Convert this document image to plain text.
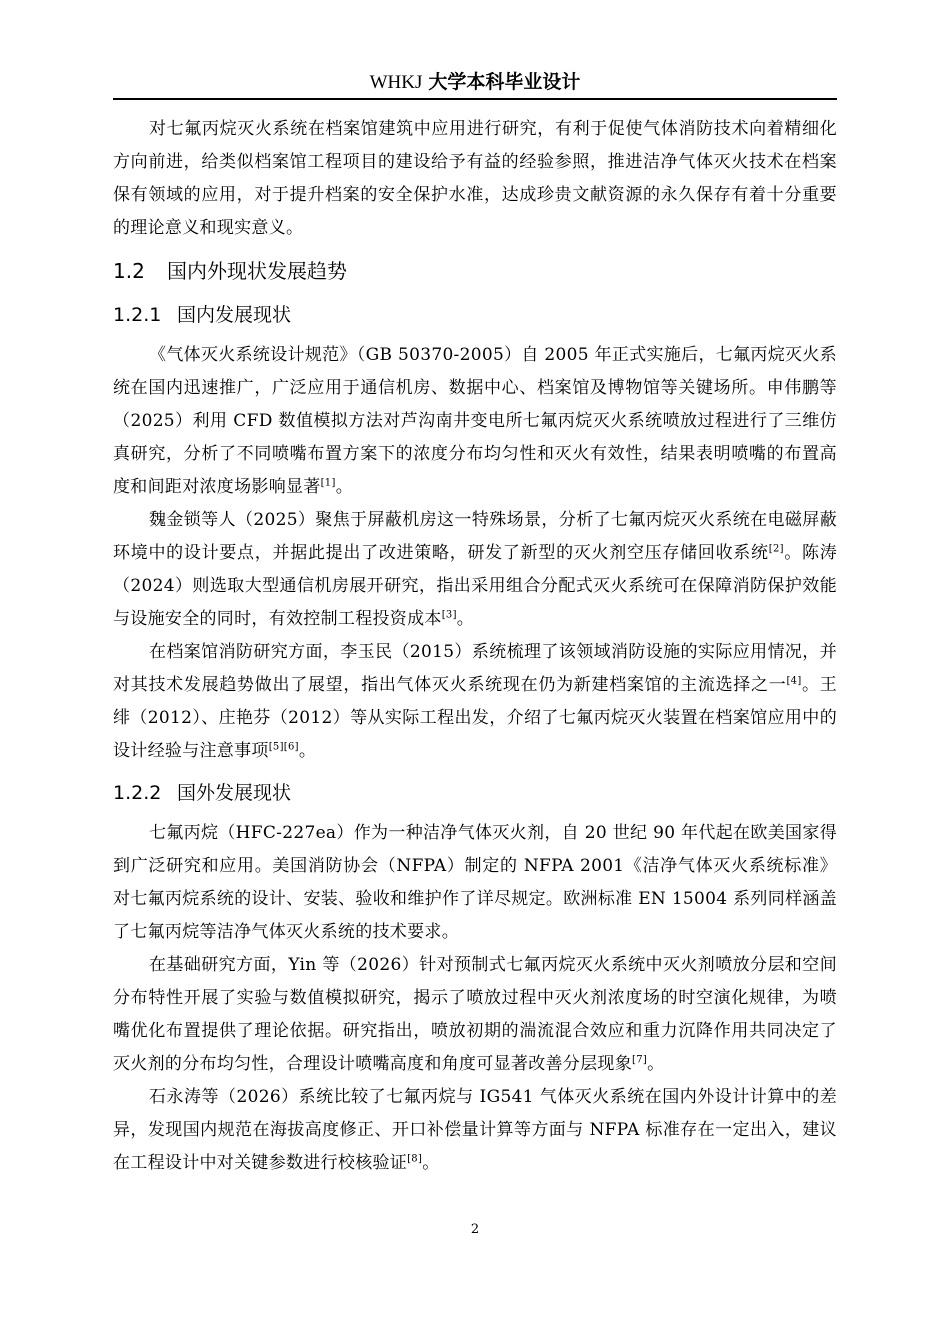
WHKJ 大学本科毕业设计

对七氟丙烷灭火系统在档案馆建筑中应用进行研究，有利于促使气体消防技术向着精细化方向前进，给类似档案馆工程项目的建设给予有益的经验参照，推进洁净气体灭火技术在档案保有领域的应用，对于提升档案的安全保护水准，达成珍贵文献资源的永久保存有着十分重要的理论意义和现实意义。

1.2 国内外现状发展趋势
1.2.1 国内发展现状

《气体灭火系统设计规范》（GB 50370-2005）自 2005 年正式实施后，七氟丙烷灭火系统在国内迅速推广，广泛应用于通信机房、数据中心、档案馆及博物馆等关键场所。申伟鹏等（2025）利用 CFD 数值模拟方法对芦沟南井变电所七氟丙烷灭火系统喷放过程进行了三维仿真研究，分析了不同喷嘴布置方案下的浓度分布均匀性和灭火有效性，结果表明喷嘴的布置高度和间距对浓度场影响显著[1]。

魏金锁等人（2025）聚焦于屏蔽机房这一特殊场景，分析了七氟丙烷灭火系统在电磁屏蔽环境中的设计要点，并据此提出了改进策略，研发了新型的灭火剂空压存储回收系统[2]。陈涛（2024）则选取大型通信机房展开研究，指出采用组合分配式灭火系统可在保障消防保护效能与设施安全的同时，有效控制工程投资成本[3]。

在档案馆消防研究方面，李玉民（2015）系统梳理了该领域消防设施的实际应用情况，并对其技术发展趋势做出了展望，指出气体灭火系统现在仍为新建档案馆的主流选择之一[4]。王绯（2012）、庄艳芬（2012）等从实际工程出发，介绍了七氟丙烷灭火装置在档案馆应用中的设计经验与注意事项[5][6]。

1.2.2 国外发展现状

七氟丙烷（HFC-227ea）作为一种洁净气体灭火剂，自 20 世纪 90 年代起在欧美国家得到广泛研究和应用。美国消防协会（NFPA）制定的 NFPA 2001《洁净气体灭火系统标准》对七氟丙烷系统的设计、安装、验收和维护作了详尽规定。欧洲标准 EN 15004 系列同样涵盖了七氟丙烷等洁净气体灭火系统的技术要求。

在基础研究方面，Yin 等（2026）针对预制式七氟丙烷灭火系统中灭火剂喷放分层和空间分布特性开展了实验与数值模拟研究，揭示了喷放过程中灭火剂浓度场的时空演化规律，为喷嘴优化布置提供了理论依据。研究指出，喷放初期的湍流混合效应和重力沉降作用共同决定了灭火剂的分布均匀性，合理设计喷嘴高度和角度可显著改善分层现象[7]。

石永涛等（2026）系统比较了七氟丙烷与 IG541 气体灭火系统在国内外设计计算中的差异，发现国内规范在海拔高度修正、开口补偿量计算等方面与 NFPA 标准存在一定出入，建议在工程设计中对关键参数进行校核验证[8]。

2
